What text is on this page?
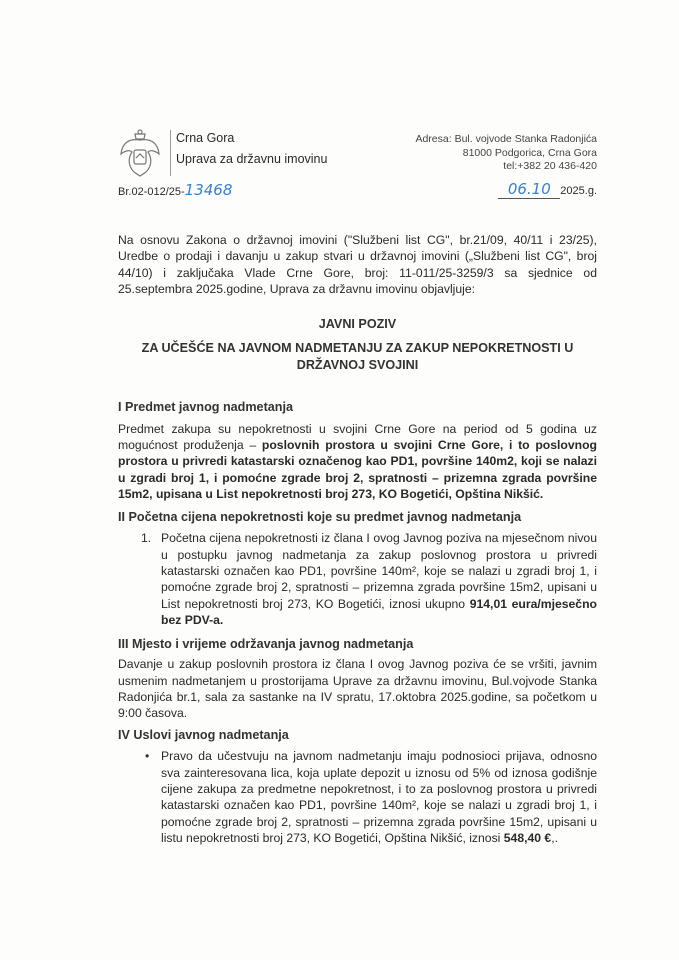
Crna Gora
Uprava za državnu imovinu
Adresa: Bul. vojvode Stanka Radonjića
81000 Podgorica, Crna Gora
tel:+382 20 436-420
Br.02-012/25-13468	06.10 2025.g.

Na osnovu Zakona o državnoj imovini ("Službeni list CG", br.21/09, 40/11 i 23/25), Uredbe o prodaji i davanju u zakup stvari u državnoj imovini („Službeni list CG", broj 44/10) i zaključaka Vlade Crne Gore, broj: 11-011/25-3259/3 sa sjednice od 25.septembra 2025.godine, Uprava za državnu imovinu objavljuje:

JAVNI POZIV

ZA UČEŠĆE NA JAVNOM NADMETANJU ZA ZAKUP NEPOKRETNOSTI U DRŽAVNOJ SVOJINI

I Predmet javnog nadmetanja

Predmet zakupa su nepokretnosti u svojini Crne Gore na period od 5 godina uz mogućnost produženja – poslovnih prostora u svojini Crne Gore, i to poslovnog prostora u privredi katastarski označenog kao PD1, površine 140m2, koji se nalazi u zgradi broj 1, i pomoćne zgrade broj 2, spratnosti – prizemna zgrada površine 15m2, upisana u List nepokretnosti broj 273, KO Bogetići, Opština Nikšić.

II Početna cijena nepokretnosti koje su predmet javnog nadmetanja

1. Početna cijena nepokretnosti iz člana I ovog Javnog poziva na mjesečnom nivou u postupku javnog nadmetanja za zakup poslovnog prostora u privredi katastarski označen kao PD1, površine 140m², koje se nalazi u zgradi broj 1, i pomoćne zgrade broj 2, spratnosti – prizemna zgrada površine 15m2, upisani u List nepokretnosti broj 273, KO Bogetići, iznosi ukupno 914,01 eura/mjesečno bez PDV-a.

III Mjesto i vrijeme održavanja javnog nadmetanja

Davanje u zakup poslovnih prostora iz člana I ovog Javnog poziva će se vršiti, javnim usmenim nadmetanjem u prostorijama Uprave za državnu imovinu, Bul.vojvode Stanka Radonjića br.1, sala za sastanke na IV spratu, 17.oktobra 2025.godine, sa početkom u 9:00 časova.

IV Uslovi javnog nadmetanja

• Pravo da učestvuju na javnom nadmetanju imaju podnosioci prijava, odnosno sva zainteresovana lica, koja uplate depozit u iznosu od 5% od iznosa godišnje cijene zakupa za predmetne nepokretnost, i to za poslovnog prostora u privredi katastarski označen kao PD1, površine 140m², koje se nalazi u zgradi broj 1, i pomoćne zgrade broj 2, spratnosti – prizemna zgrada površine 15m2, upisani u listu nepokretnosti broj 273, KO Bogetići, Opština Nikšić, iznosi 548,40 €,.
